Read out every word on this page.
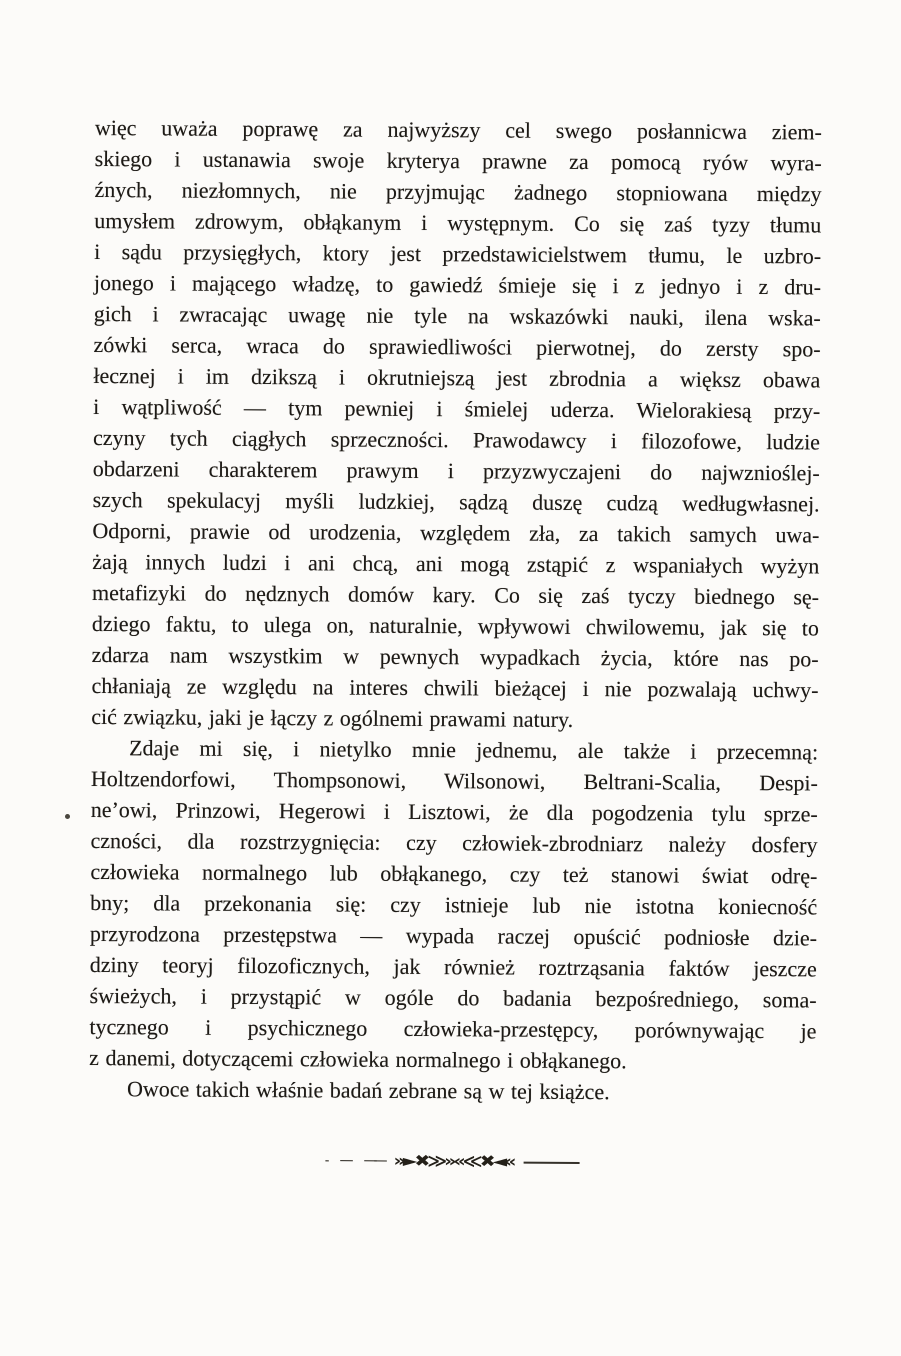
więc uważa poprawę za najwyższy cel swego posłannicwa ziem-
skiego i ustanawia swoje kryterya prawne za pomocą ryów wyra-
źnych, niezłomnych, nie przyjmując żadnego stopniowana między
umysłem zdrowym, obłąkanym i występnym. Co się zaś tyzy tłumu
i sądu przysięgłych, ktory jest przedstawicielstwem tłumu, le uzbro-
jonego i mającego władzę, to gawiedź śmieje się i z jednyo i z dru-
gich i zwracając uwagę nie tyle na wskazówki nauki, ilena wska-
zówki serca, wraca do sprawiedliwości pierwotnej, do zersty spo-
łecznej i im dzikszą i okrutniejszą jest zbrodnia a większ obawa
i wątpliwość — tym pewniej i śmielej uderza. Wielorakiesą przy-
czyny tych ciągłych sprzeczności. Prawodawcy i filozofowe, ludzie
obdarzeni charakterem prawym i przyzwyczajeni do najwznioślej-
szych spekulacyj myśli ludzkiej, sądzą duszę cudzą wedługwłasnej.
Odporni, prawie od urodzenia, względem zła, za takich samych uwa-
żają innych ludzi i ani chcą, ani mogą zstąpić z wspaniałych wyżyn
metafizyki do nędznych domów kary. Co się zaś tyczy biednego sę-
dziego faktu, to ulega on, naturalnie, wpływowi chwilowemu, jak się to
zdarza nam wszystkim w pewnych wypadkach życia, które nas po-
chłaniają ze względu na interes chwili bieżącej i nie pozwalają uchwy-
cić związku, jaki je łączy z ogólnemi prawami natury.
Zdaje mi się, i nietylko mnie jednemu, ale także i przecemną:
Holtzendorfowi, Thompsonowi, Wilsonowi, Beltrani-Scalia, Despi-
ne’owi, Prinzowi, Hegerowi i Lisztowi, że dla pogodzenia tylu sprze-
czności, dla rozstrzygnięcia: czy człowiek-zbrodniarz należy dosfery
człowieka normalnego lub obłąkanego, czy też stanowi świat odrę-
bny; dla przekonania się: czy istnieje lub nie istotna koniecność
przyrodzona przestępstwa — wypada raczej opuścić podniosłe dzie-
dziny teoryj filozoficznych, jak również roztrząsania faktów jeszcze
świeżych, i przystąpić w ogóle do badania bezpośredniego, soma-
tycznego i psychicznego człowieka-przestępcy, porównywając je
z danemi, dotyczącemi człowieka normalnego i obłąkanego.
Owoce takich właśnie badań zebrane są w tej książce.
‐ — —— »►✖≫»«≪✖◄«
